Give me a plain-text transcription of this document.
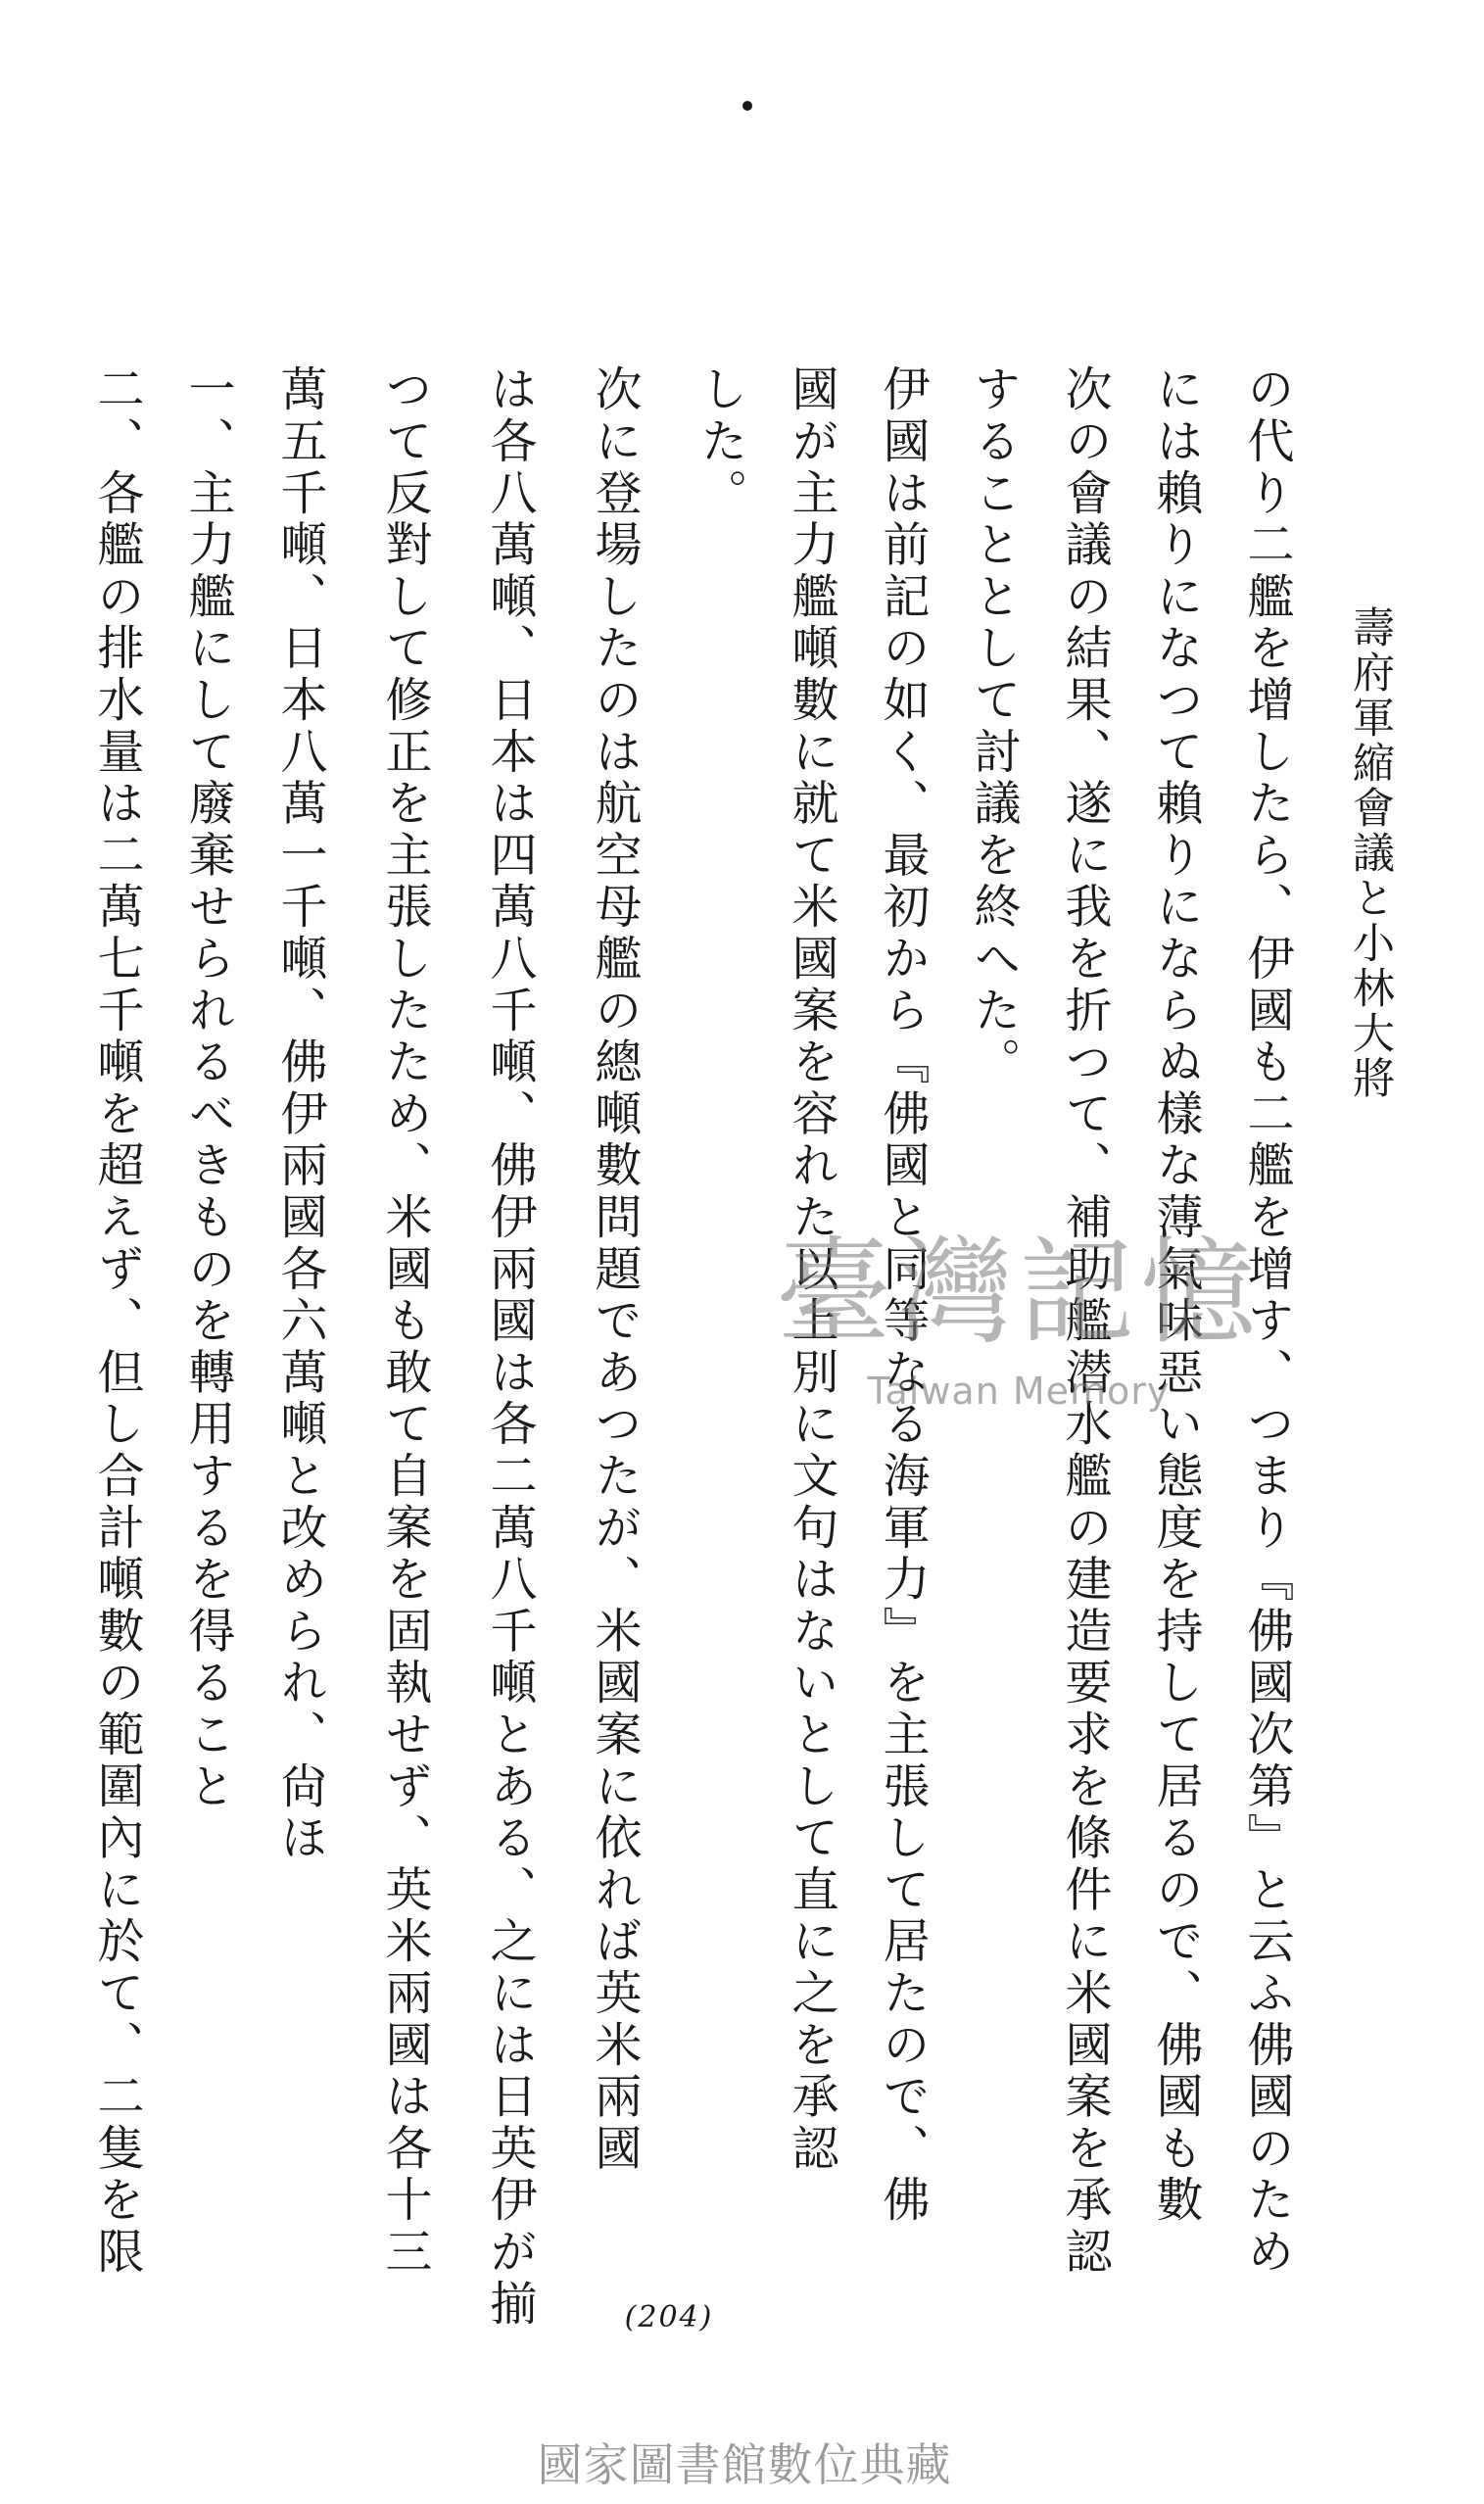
壽府軍縮會議と小林大將
の代り二艦を增したら、伊國も二艦を增す、つまり『佛國次第』と云ふ佛國のため
には賴りになつて賴りにならぬ樣な薄氣味惡い態度を持して居るので、佛國も數
次の會議の結果、遂に我を折つて、補助艦潜水艦の建造要求を條件に米國案を承認
することとして討議を終へた。
伊國は前記の如く、最初から『佛國と同等なる海軍力』を主張して居たので、佛
國が主力艦噸數に就て米國案を容れた以上別に文句はないとして直に之を承認
した。
次に登場したのは航空母艦の總噸數問題であつたが、米國案に依れば英米兩國
は各八萬噸、日本は四萬八千噸、佛伊兩國は各二萬八千噸とある、之には日英伊が揃
つて反對して修正を主張したため、米國も敢て自案を固執せず、英米兩國は各十三
萬五千噸、日本八萬一千噸、佛伊兩國各六萬噸と改められ、尙ほ
一、主力艦にして廢棄せられるべきものを轉用するを得ること
二、各艦の排水量は二萬七千噸を超えず、但し合計噸數の範圍內に於て、二隻を限	臺灣記憶
Taiwan Memory
(204)
國家圖書館數位典藏
